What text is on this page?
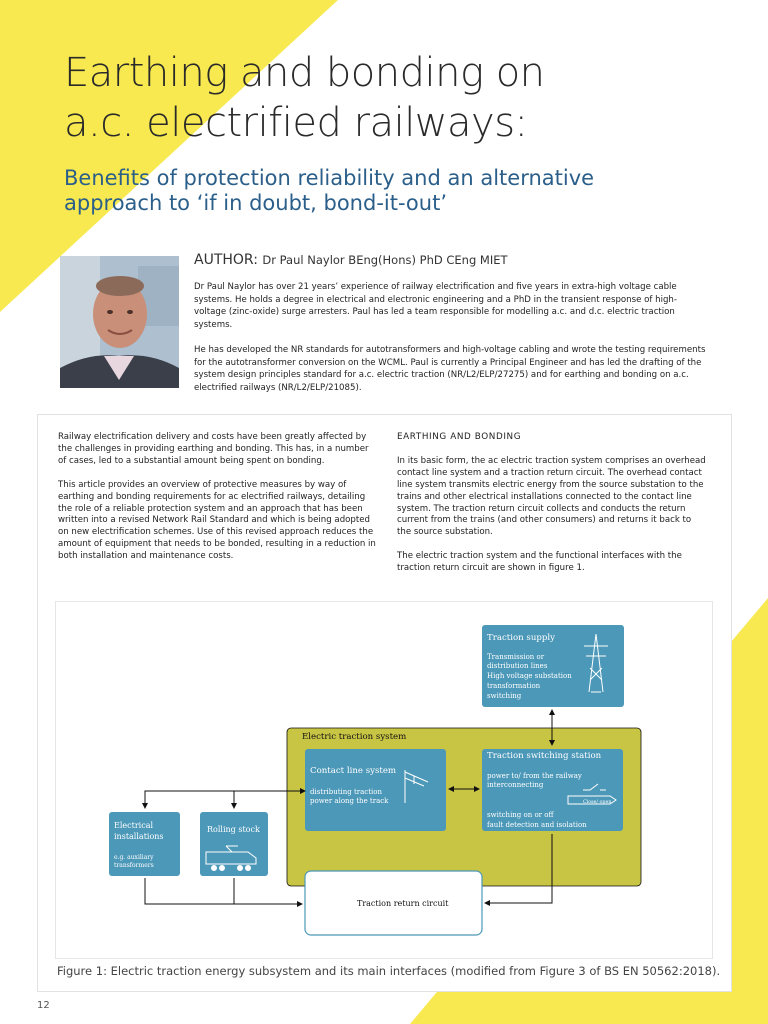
Earthing and bonding on
a.c. electrified railways:
Benefits of protection reliability and an alternative
approach to ‘if in doubt, bond-it-out’
AUTHOR: Dr Paul Naylor BEng(Hons) PhD CEng MIET

Dr Paul Naylor has over 21 years’ experience of railway electrification and five years in extra-high voltage cable systems. He holds a degree in electrical and electronic engineering and a PhD in the transient response of high-voltage (zinc-oxide) surge arresters. Paul has led a team responsible for modelling a.c. and d.c. electric traction systems.

He has developed the NR standards for autotransformers and high-voltage cabling and wrote the testing requirements for the autotransformer conversion on the WCML. Paul is currently a Principal Engineer and has led the drafting of the system design principles standard for a.c. electric traction (NR/L2/ELP/27275) and for earthing and bonding on a.c. electrified railways (NR/L2/ELP/21085).

Railway electrification delivery and costs have been greatly affected by the challenges in providing earthing and bonding. This has, in a number of cases, led to a substantial amount being spent on bonding.

This article provides an overview of protective measures by way of earthing and bonding requirements for ac electrified railways, detailing the role of a reliable protection system and an approach that has been written into a revised Network Rail Standard and which is being adopted on new electrification schemes. Use of this revised approach reduces the amount of equipment that needs to be bonded, resulting in a reduction in both installation and maintenance costs.

EARTHING AND BONDING

In its basic form, the ac electric traction system comprises an overhead contact line system and a traction return circuit. The overhead contact line system transmits electric energy from the source substation to the trains and other electrical installations connected to the contact line system. The traction return circuit collects and conducts the return current from the trains (and other consumers) and returns it back to the source substation.

The electric traction system and the functional interfaces with the traction return circuit are shown in figure 1.

Traction supply
Transmission or
distribution lines
High voltage substation
transformation
switching
Electric traction system
Contact line system
distributing traction
power along the track
Traction switching station
power to/ from the railway
interconnecting
switching on or off
fault detection and isolation
Close/ open
Electrical
installations
e.g. auxiliary
transformers
Rolling stock
Traction return circuit
Figure 1: Electric traction energy subsystem and its main interfaces (modified from Figure 3 of BS EN 50562:2018).
12
